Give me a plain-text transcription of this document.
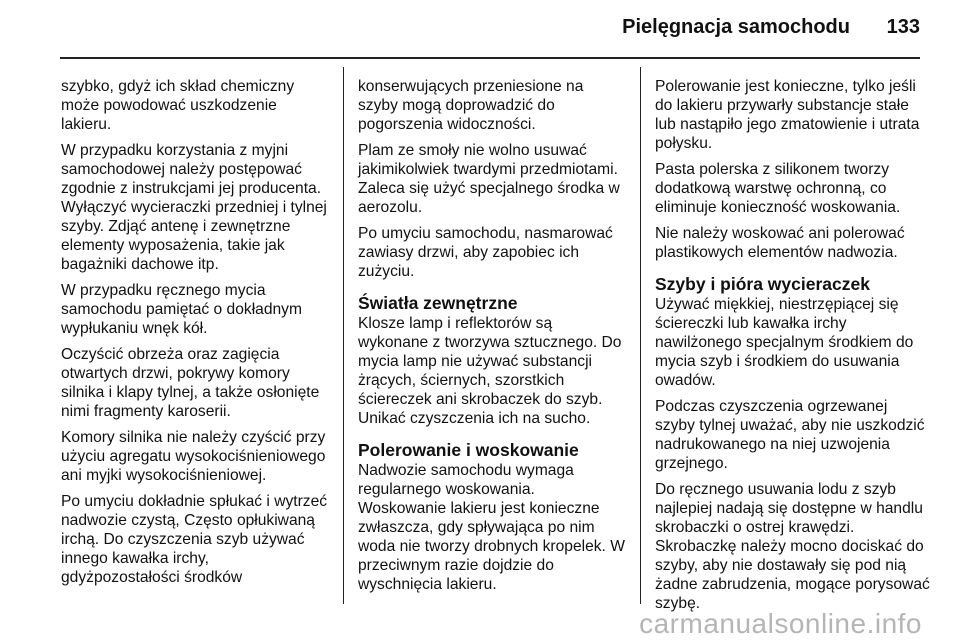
Pielęgnacja samochodu 133

szybko, gdyż ich skład chemiczny może powodować uszkodzenie lakieru.

W przypadku korzystania z myjni samochodowej należy postępować zgodnie z instrukcjami jej producenta. Wyłączyć wycieraczki przedniej i tylnej szyby. Zdjąć antenę i zewnętrzne elementy wyposażenia, takie jak bagażniki dachowe itp.

W przypadku ręcznego mycia samochodu pamiętać o dokładnym wypłukaniu wnęk kół.

Oczyścić obrzeża oraz zagięcia otwartych drzwi, pokrywy komory silnika i klapy tylnej, a także osłonięte nimi fragmenty karoserii.

Komory silnika nie należy czyścić przy użyciu agregatu wysokociśnieniowego ani myjki wysokociśnieniowej.

Po umyciu dokładnie spłukać i wytrzeć nadwozie czystą, Często opłukiwaną irchą. Do czyszczenia szyb używać innego kawałka irchy, gdyżpozostałości środków

konserwujących przeniesione na szyby mogą doprowadzić do pogorszenia widoczności.

Plam ze smoły nie wolno usuwać jakimikolwiek twardymi przedmiotami. Zaleca się użyć specjalnego środka w aerozolu.

Po umyciu samochodu, nasmarować zawiasy drzwi, aby zapobiec ich zużyciu.

Światła zewnętrzne

Klosze lamp i reflektorów są wykonane z tworzywa sztucznego. Do mycia lamp nie używać substancji żrących, ściernych, szorstkich ściereczek ani skrobaczek do szyb. Unikać czyszczenia ich na sucho.

Polerowanie i woskowanie

Nadwozie samochodu wymaga regularnego woskowania. Woskowanie lakieru jest konieczne zwłaszcza, gdy spływająca po nim woda nie tworzy drobnych kropelek. W przeciwnym razie dojdzie do wyschnięcia lakieru.

Polerowanie jest konieczne, tylko jeśli do lakieru przywarły substancje stałe lub nastąpiło jego zmatowienie i utrata połysku.

Pasta polerska z silikonem tworzy dodatkową warstwę ochronną, co eliminuje konieczność woskowania.

Nie należy woskować ani polerować plastikowych elementów nadwozia.

Szyby i pióra wycieraczek

Używać miękkiej, niestrzępiącej się ściereczki lub kawałka irchy nawilżonego specjalnym środkiem do mycia szyb i środkiem do usuwania owadów.

Podczas czyszczenia ogrzewanej szyby tylnej uważać, aby nie uszkodzić nadrukowanego na niej uzwojenia grzejnego.

Do ręcznego usuwania lodu z szyb najlepiej nadają się dostępne w handlu skrobaczki o ostrej krawędzi. Skrobaczkę należy mocno dociskać do szyby, aby nie dostawały się pod nią żadne zabrudzenia, mogące porysować szybę.

carmanualsonline.info
